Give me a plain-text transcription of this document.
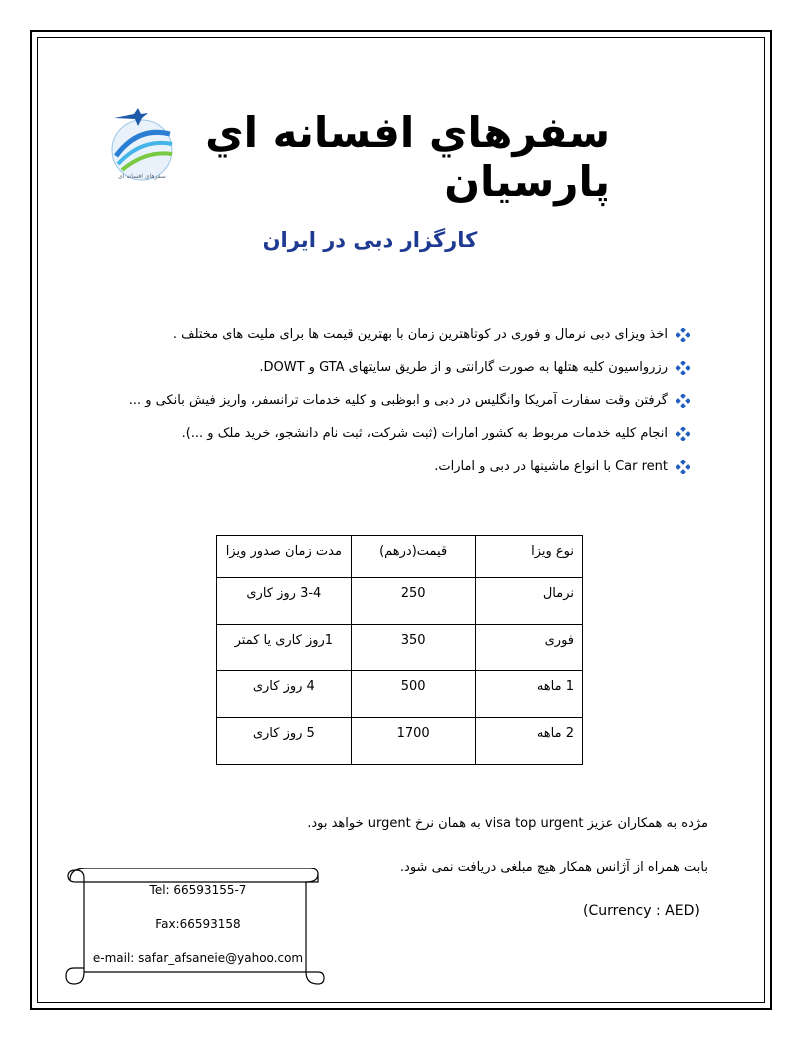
سفرهای افسانه ای
سفرهاي افسانه اي پارسيان
کارگزار دبی در ایران
اخذ ویزای دبی نرمال و فوری در کوتاهترین زمان با بهترین قیمت ها برای ملیت های مختلف .
رزرواسیون کلیه هتلها به صورت گارانتی و از طریق سایتهای GTA و DOWT.
گرفتن وقت سفارت آمریکا وانگلیس در دبی و ابوظبی و کلیه خدمات ترانسفر، واریز فیش بانکی و ...
انجام کلیه خدمات مربوط به کشور امارات (ثبت شرکت، ثبت نام دانشجو، خرید ملک و ...).
Car rent با انواع ماشینها در دبی و امارات.
نوع ویزا	قیمت(درهم)	مدت زمان صدور ویزا
نرمال	250	3-4 روز کاری
فوری	350	1روز کاری یا کمتر
1 ماهه	500	4 روز کاری
2 ماهه	1700	5 روز کاری
مژده به همکاران عزیز visa top urgent به همان نرخ urgent خواهد بود.
بابت همراه از آژانس همکار هیچ مبلغی دریافت نمی شود.
(Currency : AED)
Tel: 66593155-7
Fax:66593158
e-mail: safar_afsaneie@yahoo.com
